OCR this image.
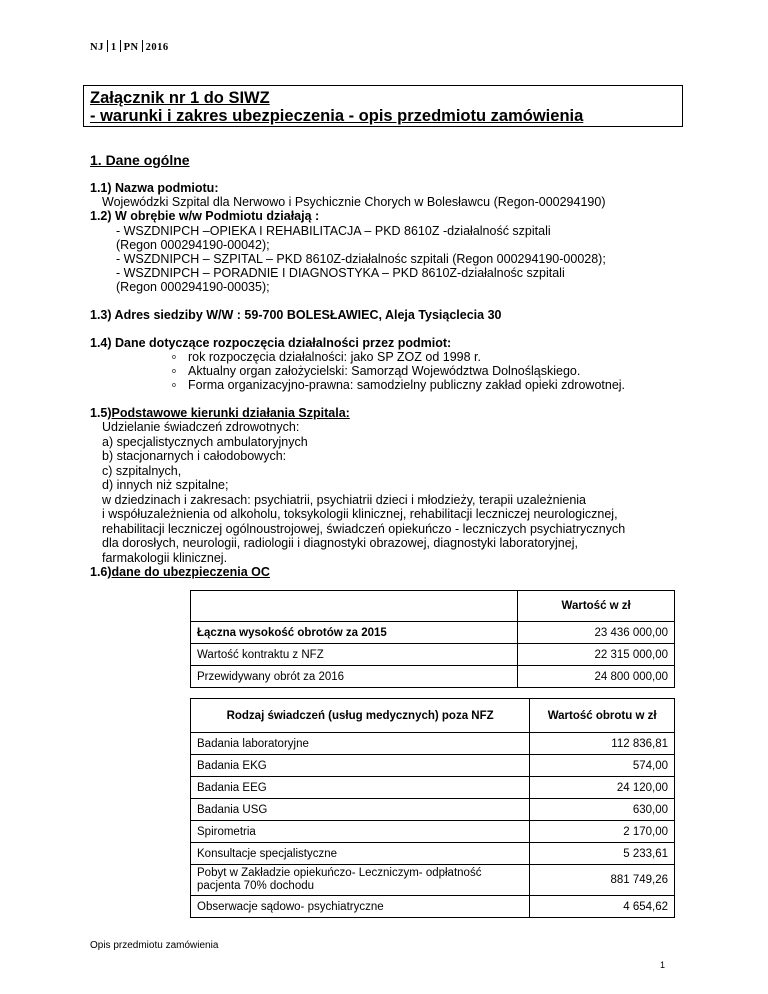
NJ 1 PN 2016
Załącznik nr 1 do SIWZ
- warunki i zakres ubezpieczenia - opis przedmiotu zamówienia
1. Dane ogólne
1.1) Nazwa podmiotu:
Wojewódzki Szpital dla Nerwowo i Psychicznie Chorych w Bolesławcu (Regon-000294190)
1.2) W obrębie w/w Podmiotu działają :
- WSZDNIPCH –OPIEKA I REHABILITACJA – PKD 8610Z -działalność szpitali
(Regon 000294190-00042);
- WSZDNIPCH – SZPITAL – PKD 8610Z-działalnośc szpitali (Regon 000294190-00028);
- WSZDNIPCH – PORADNIE I DIAGNOSTYKA – PKD 8610Z-działalnośc szpitali
(Regon 000294190-00035);
1.3) Adres siedziby W/W : 59-700 BOLESŁAWIEC, Aleja Tysiąclecia 30
1.4) Dane dotyczące rozpoczęcia działalności przez podmiot:
o rok rozpoczęcia działalności: jako SP ZOZ od 1998 r.
o Aktualny organ założycielski: Samorząd Województwa Dolnośląskiego.
o Forma organizacyjno-prawna: samodzielny publiczny zakład opieki zdrowotnej.
1.5)Podstawowe kierunki działania Szpitala:
Udzielanie świadczeń zdrowotnych:
a) specjalistycznych ambulatoryjnych
b) stacjonarnych i całodobowych:
c) szpitalnych,
d) innych niż szpitalne;
w dziedzinach i zakresach: psychiatrii, psychiatrii dzieci i młodzieży, terapii uzależnienia
i współuzależnienia od alkoholu, toksykologii klinicznej, rehabilitacji leczniczej neurologicznej,
rehabilitacji leczniczej ogólnoustrojowej, świadczeń opiekuńczo - leczniczych psychiatrycznych
dla dorosłych, neurologii, radiologii i diagnostyki obrazowej, diagnostyki laboratoryjnej,
farmakologii klinicznej.
1.6)dane do ubezpieczenia OC
	Wartość w zł
Łączna wysokość obrotów za 2015	23 436 000,00
Wartość kontraktu z NFZ	22 315 000,00
Przewidywany obrót za 2016	24 800 000,00
Rodzaj świadczeń (usług medycznych) poza NFZ	Wartość obrotu w zł
Badania laboratoryjne	112 836,81
Badania EKG	574,00
Badania EEG	24 120,00
Badania USG	630,00
Spirometria	2 170,00
Konsultacje specjalistyczne	5 233,61
Pobyt w Zakładzie opiekuńczo- Leczniczym- odpłatność pacjenta 70% dochodu	881 749,26
Obserwacje sądowo- psychiatryczne	4 654,62
Opis przedmiotu zamówienia
1
